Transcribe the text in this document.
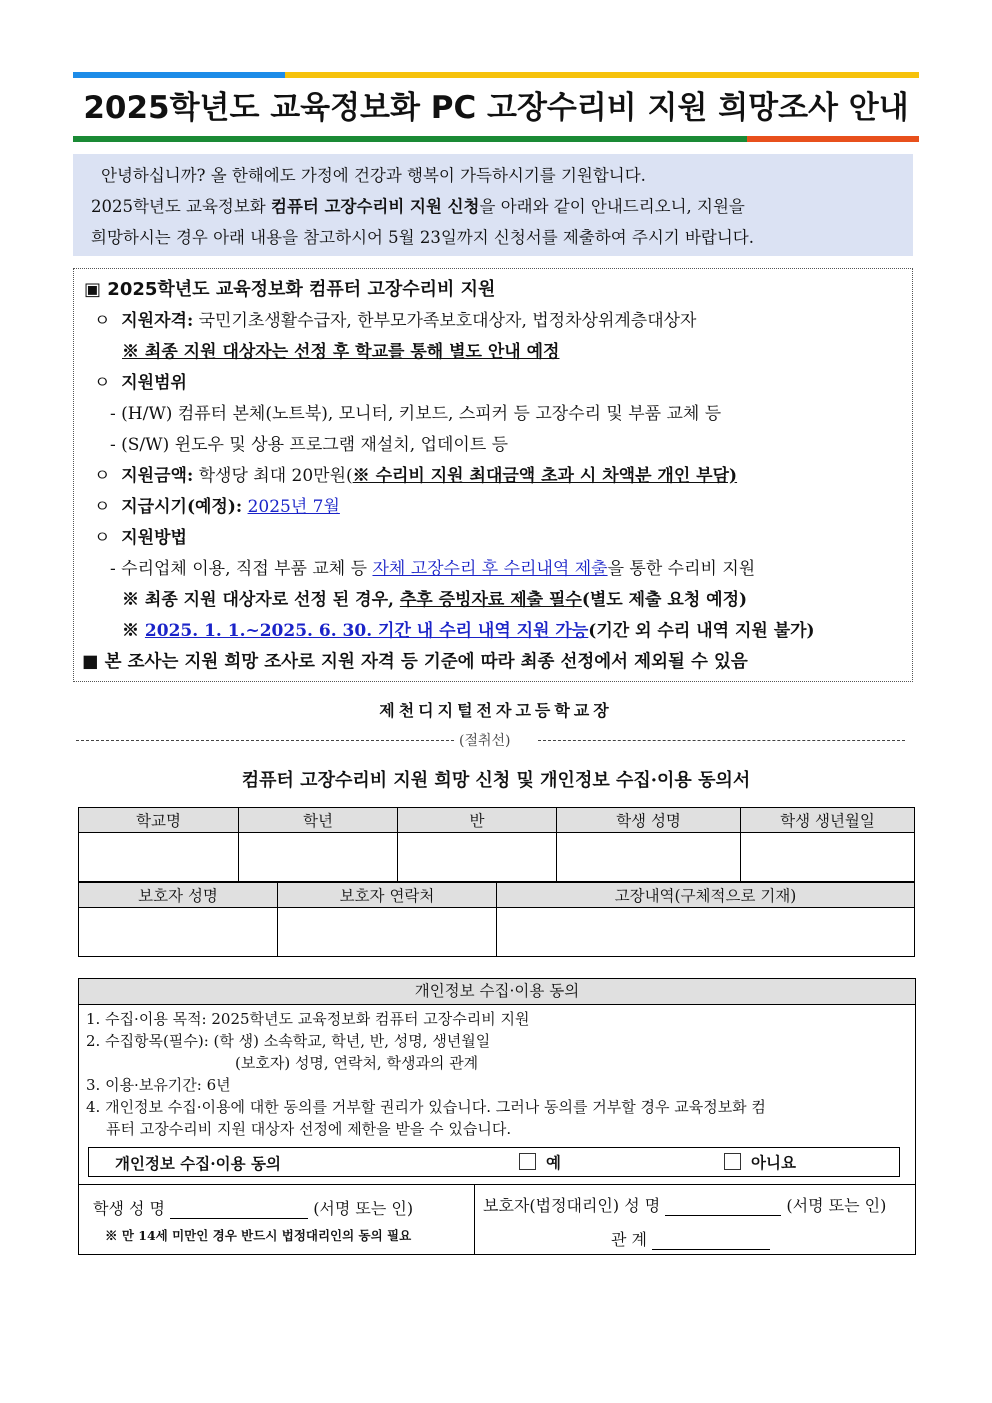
2025학년도 교육정보화 PC 고장수리비 지원 희망조사 안내

안녕하십니까? 올 한해에도 가정에 건강과 행복이 가득하시기를 기원합니다.

2025학년도 교육정보화 컴퓨터 고장수리비 지원 신청을 아래와 같이 안내드리오니, 지원을

희망하시는 경우 아래 내용을 참고하시어 5월 23일까지 신청서를 제출하여 주시기 바랍니다.

▣ 2025학년도 교육정보화 컴퓨터 고장수리비 지원
ㅇ 지원자격: 국민기초생활수급자, 한부모가족보호대상자, 법정차상위계층대상자
※ 최종 지원 대상자는 선정 후 학교를 통해 별도 안내 예정
ㅇ 지원범위
- (H/W) 컴퓨터 본체(노트북), 모니터, 키보드, 스피커 등 고장수리 및 부품 교체 등
- (S/W) 윈도우 및 상용 프로그램 재설치, 업데이트 등
ㅇ 지원금액: 학생당 최대 20만원(※ 수리비 지원 최대금액 초과 시 차액분 개인 부담)
ㅇ 지급시기(예정): 2025년 7월
ㅇ 지원방법
- 수리업체 이용, 직접 부품 교체 등 자체 고장수리 후 수리내역 제출을 통한 수리비 지원
※ 최종 지원 대상자로 선정 된 경우, 추후 증빙자료 제출 필수(별도 제출 요청 예정)
※ 2025. 1. 1.~2025. 6. 30. 기간 내 수리 내역 지원 가능(기간 외 수리 내역 지원 불가)
■ 본 조사는 지원 희망 조사로 지원 자격 등 기준에 따라 최종 선정에서 제외될 수 있음
제천디지털전자고등학교장
(절취선)
컴퓨터 고장수리비 지원 희망 신청 및 개인정보 수집·이용 동의서
학교명	학년	반	학생 성명	학생 생년월일

보호자 성명	보호자 연락처	고장내역(구체적으로 기재)

개인정보 수집·이용 동의
1. 수집·이용 목적: 2025학년도 교육정보화 컴퓨터 고장수리비 지원
2. 수집항목(필수): (학 생) 소속학교, 학년, 반, 성명, 생년월일
(보호자) 성명, 연락처, 학생과의 관계
3. 이용·보유기간: 6년
4. 개인정보 수집·이용에 대한 동의를 거부할 권리가 있습니다. 그러나 동의를 거부할 경우 교육정보화 컴
퓨터 고장수리비 지원 대상자 선정에 제한을 받을 수 있습니다.
개인정보 수집·이용 동의	예	아니요
학생 성 명	(서명 또는 인)
※ 만 14세 미만인 경우 반드시 법정대리인의 동의 필요
보호자(법정대리인) 성 명	(서명 또는 인)
관 계
